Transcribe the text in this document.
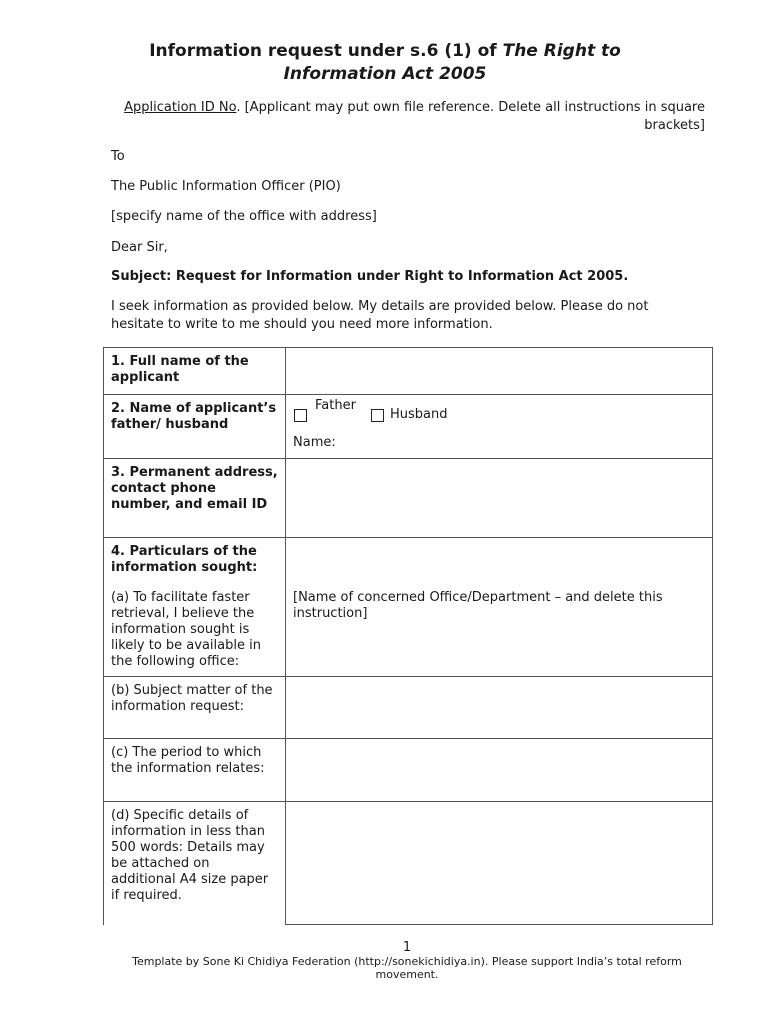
Information request under s.6 (1) of The Right to
Information Act 2005
Application ID No. [Applicant may put own file reference. Delete all instructions in square brackets]
To
The Public Information Officer (PIO)
[specify name of the office with address]
Dear Sir,
Subject: Request for Information under Right to Information Act 2005.
I seek information as provided below. My details are provided below. Please do not hesitate to write to me should you need more information.
1. Full name of the applicant	
2. Name of applicant’s father/ husband	Father
Husband
Name:

3. Permanent address, contact phone number, and email ID	

4. Particulars of the information sought:
(a) To facilitate faster retrieval, I believe the information sought is likely to be available in the following office:	[Name of concerned Office/Department – and delete this instruction]

(b) Subject matter of the information request:	
(c) The period to which the information relates:	
(d) Specific details of information in less than 500 words: Details may be attached on additional A4 size paper if required.	
1
Template by Sone Ki Chidiya Federation (http://sonekichidiya.in). Please support India’s total reform movement.
